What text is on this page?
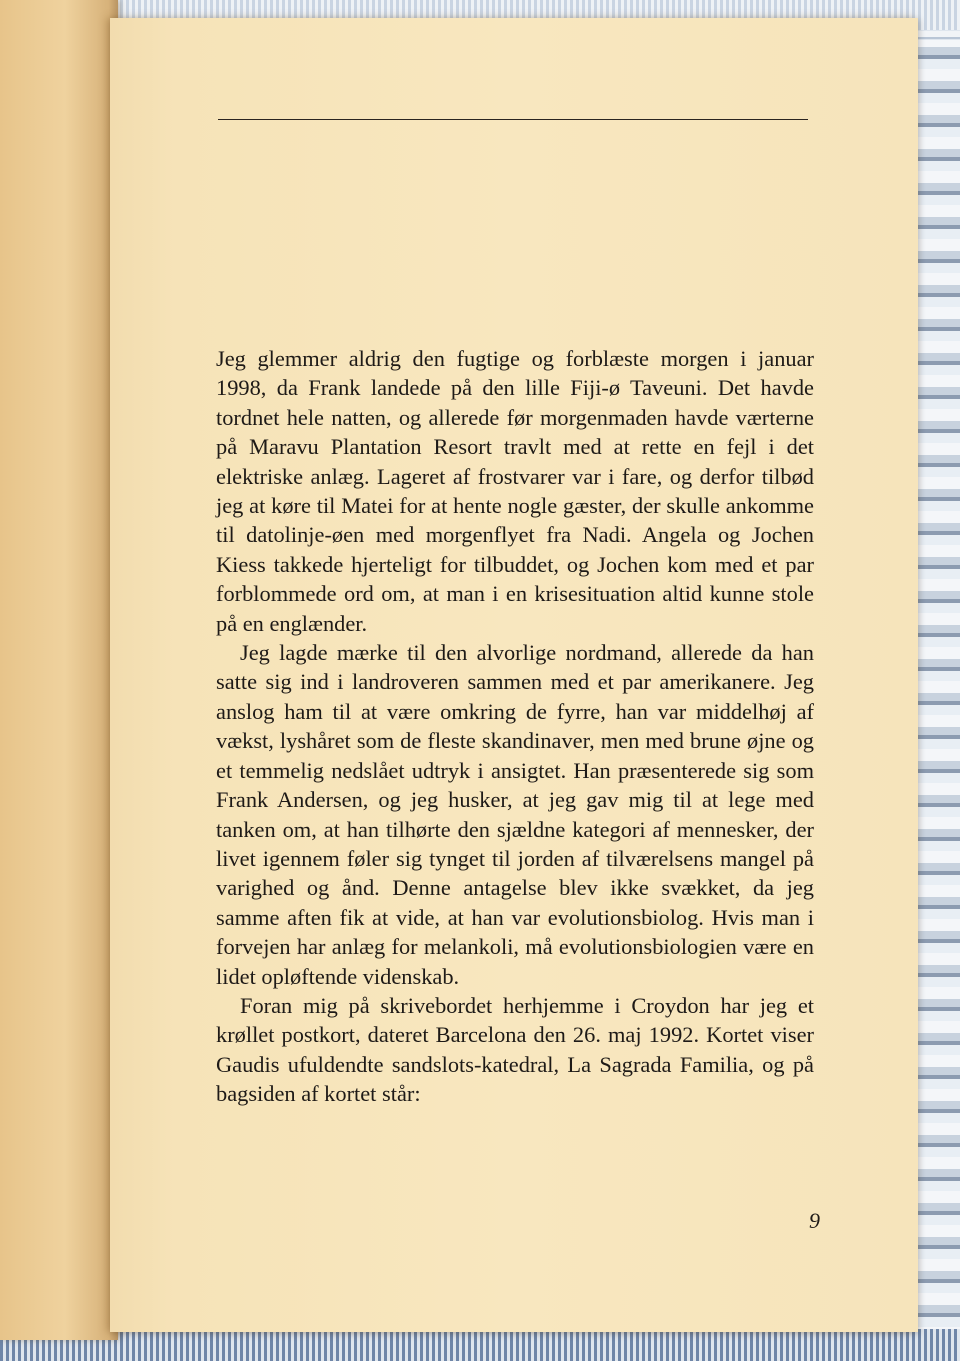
Jeg glemmer aldrig den fugtige og forblæste morgen i januar 1998, da Frank landede på den lille Fiji-ø Taveuni. Det havde tordnet hele natten, og allerede før morgenmaden havde værterne på Maravu Plantation Resort travlt med at rette en fejl i det elektriske anlæg. Lageret af frostvarer var i fare, og derfor tilbød jeg at køre til Matei for at hente nogle gæster, der skulle ankomme til datolinje-øen med morgenflyet fra Nadi. Angela og Jochen Kiess takkede hjerteligt for tilbuddet, og Jochen kom med et par forblommede ord om, at man i en krisesituation altid kunne stole på en englænder.

Jeg lagde mærke til den alvorlige nordmand, allerede da han satte sig ind i landroveren sammen med et par amerikanere. Jeg anslog ham til at være omkring de fyrre, han var middelhøj af vækst, lyshåret som de fleste skandinaver, men med brune øjne og et temmelig nedslået udtryk i ansigtet. Han præsenterede sig som Frank Andersen, og jeg husker, at jeg gav mig til at lege med tanken om, at han tilhørte den sjældne kategori af mennesker, der livet igennem føler sig tynget til jorden af tilværelsens mangel på varighed og ånd. Denne antagelse blev ikke svækket, da jeg samme aften fik at vide, at han var evolutionsbiolog. Hvis man i forvejen har anlæg for melankoli, må evolutionsbiologien være en lidet opløftende videnskab.

Foran mig på skrivebordet herhjemme i Croydon har jeg et krøllet postkort, dateret Barcelona den 26. maj 1992. Kortet viser Gaudis ufuldendte sandslots-katedral, La Sagrada Familia, og på bagsiden af kortet står:

9
